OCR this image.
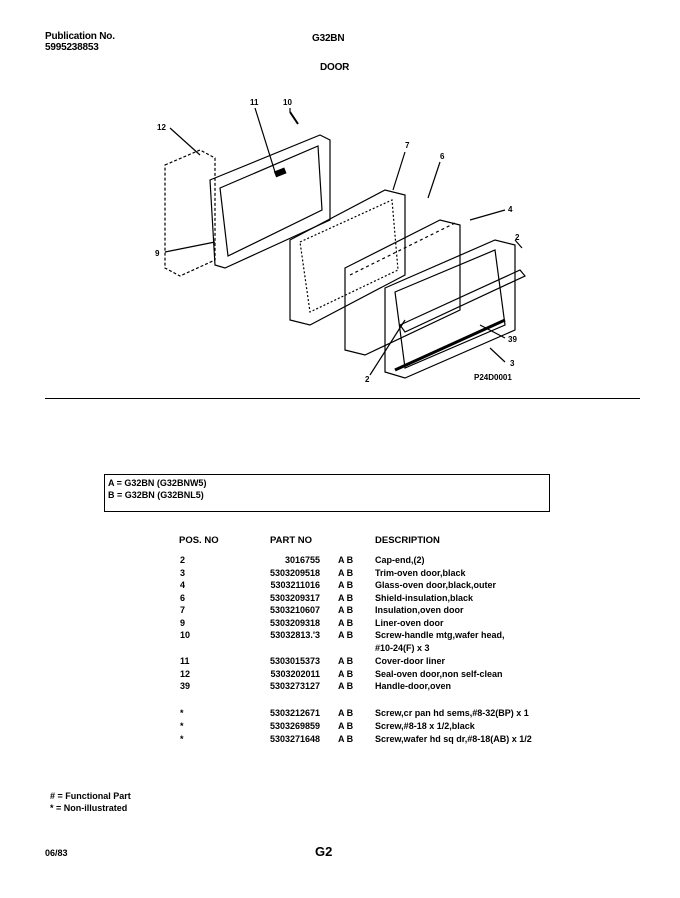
Publication No.
5995238853
G32BN
DOOR
11	10
12
7
6
4
9
2
39
3
2	P24D0001
A = G32BN (G32BNW5)
B = G32BN (G32BNL5)
POS. NO	PART NO	DESCRIPTION
2	3016755 A B Cap-end,(2)
3	5303209518 A B Trim-oven door,black
4	5303211016 A B Glass-oven door,black,outer
6	5303209317 A B Shield-insulation,black
7	5303210607 A B Insulation,oven door
9	5303209318 A B Liner-oven door
10	53032813.'3 A B Screw-handle mtg,wafer head,
#10-24(F) x 3
11	5303015373 A B Cover-door liner
12	5303202011 A B Seal-oven door,non self-clean
39	5303273127 A B Handle-door,oven
*	5303212671 A B Screw,cr pan hd sems,#8-32(BP) x 1
*	5303269859 A B Screw,#8-18 x 1/2,black
*	5303271648 A B Screw,wafer hd sq dr,#8-18(AB) x 1/2
# = Functional Part
* = Non-illustrated
06/83	G2
